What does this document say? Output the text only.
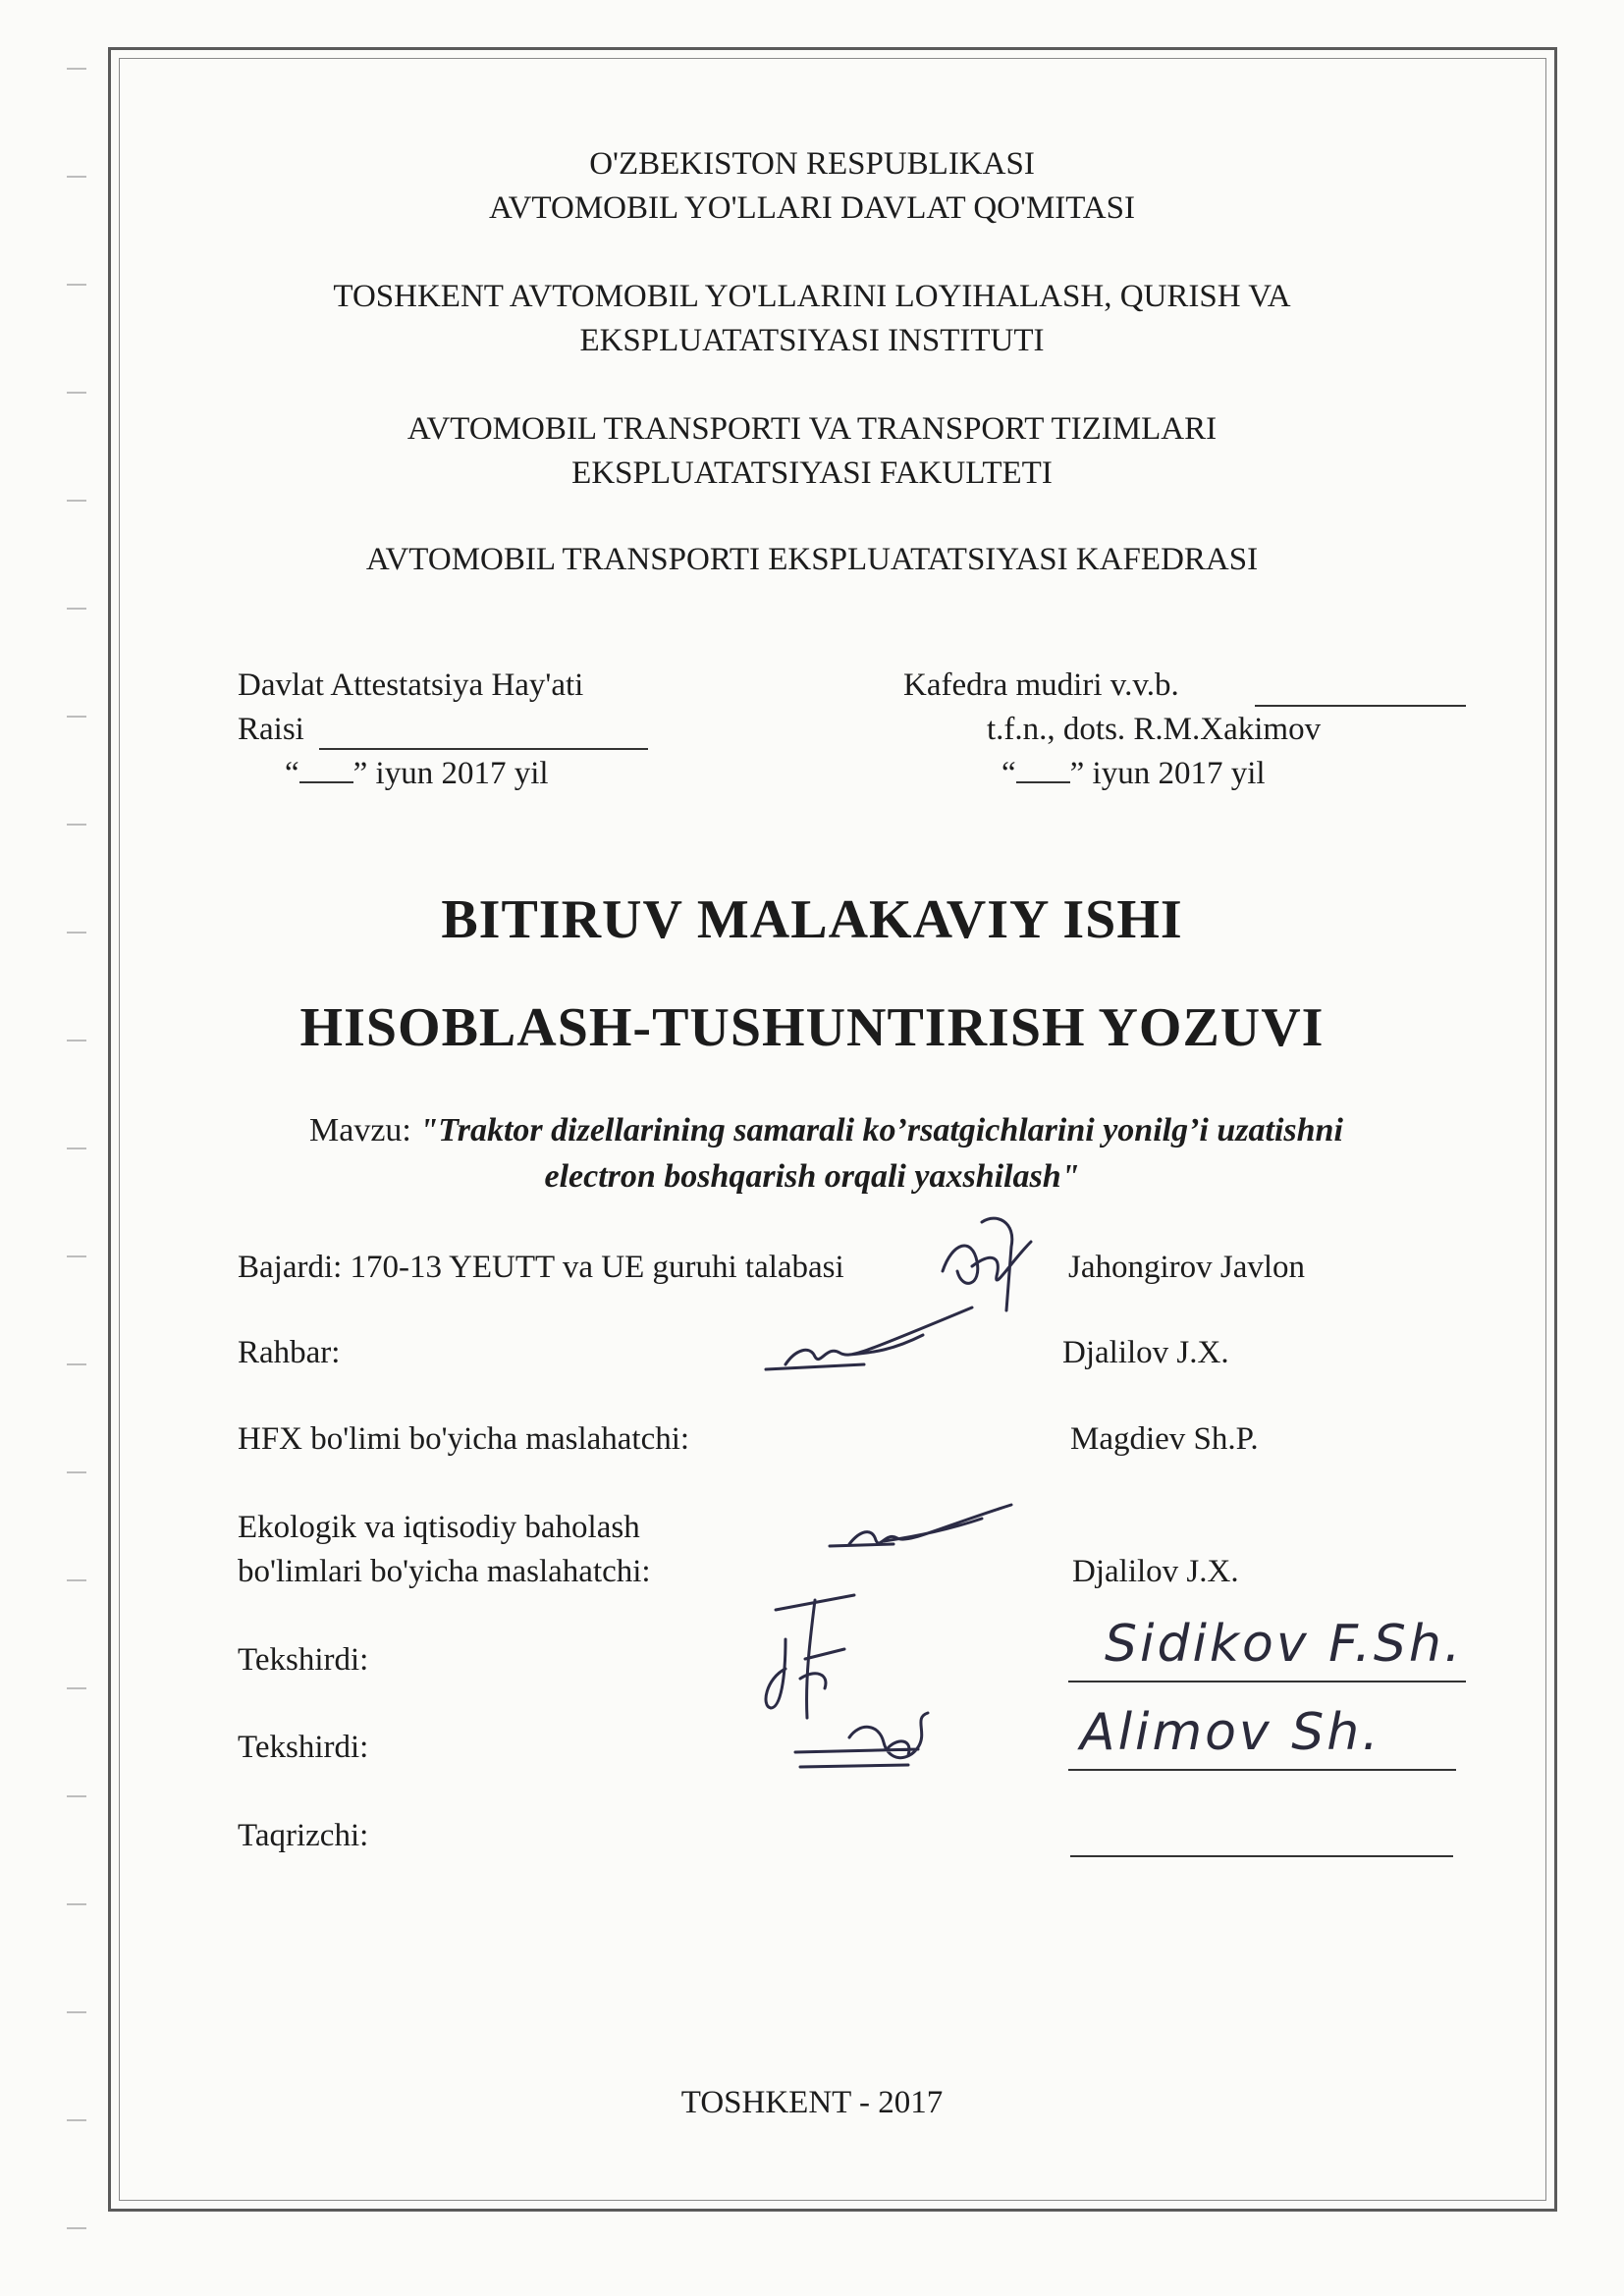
O'ZBEKISTON RESPUBLIKASI
AVTOMOBIL YO'LLARI DAVLAT QO'MITASI
TOSHKENT AVTOMOBIL YO'LLARINI LOYIHALASH, QURISH VA
EKSPLUATATSIYASI INSTITUTI
AVTOMOBIL TRANSPORTI VA TRANSPORT TIZIMLARI
EKSPLUATATSIYASI FAKULTETI
AVTOMOBIL TRANSPORTI EKSPLUATATSIYASI KAFEDRASI
Davlat Attestatsiya Hay'ati
Raisi
“ ” iyun 2017 yil
Kafedra mudiri v.v.b.
t.f.n., dots. R.M.Xakimov
“ ” iyun 2017 yil
BITIRUV MALAKAVIY ISHI
HISOBLASH-TUSHUNTIRISH YOZUVI
Mavzu: "Traktor dizellarining samarali ko’rsatgichlarini yonilg’i uzatishni
electron boshqarish orqali yaxshilash"
Bajardi: 170-13 YEUTT va UE guruhi talabasi	Jahongirov Javlon
Rahbar:	Djalilov J.X.
HFX bo'limi bo'yicha maslahatchi:	Magdiev Sh.P.
Ekologik va iqtisodiy baholash
bo'limlari bo'yicha maslahatchi:	Djalilov J.X.
Tekshirdi:	Sidikov F.Sh.
Tekshirdi:	Alimov Sh.
Taqrizchi:
TOSHKENT - 2017
